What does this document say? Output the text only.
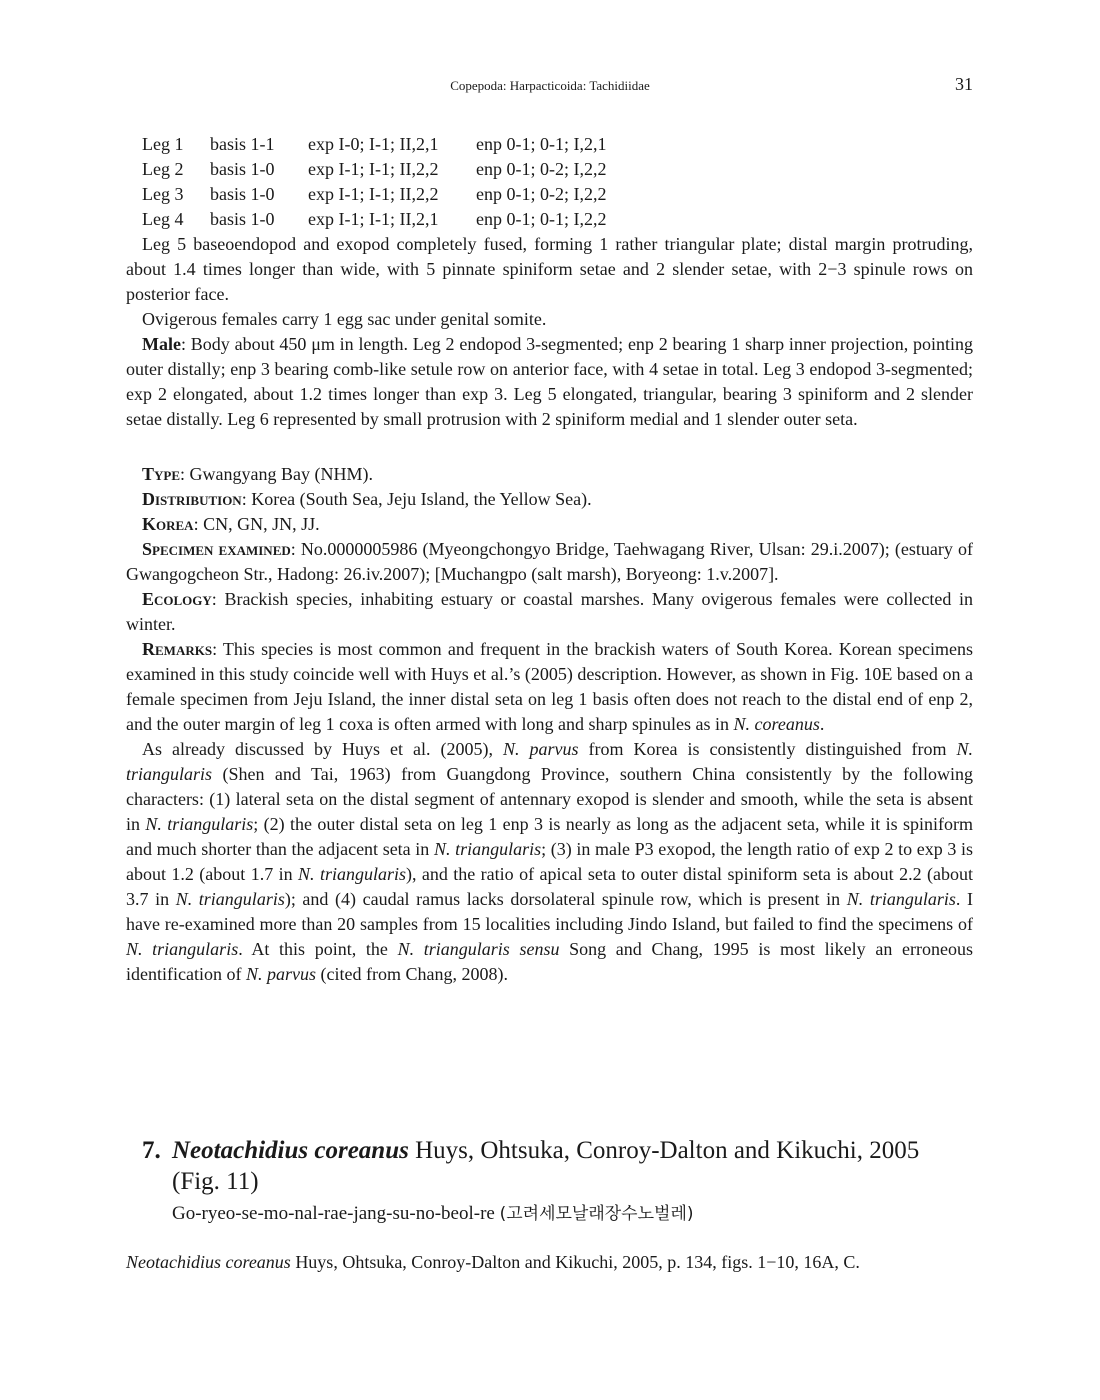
Copepoda: Harpacticoida: Tachidiidae	31
Leg 1	basis 1-1	exp I-0; I-1; II,2,1	enp 0-1; 0-1; I,2,1
Leg 2	basis 1-0	exp I-1; I-1; II,2,2	enp 0-1; 0-2; I,2,2
Leg 3	basis 1-0	exp I-1; I-1; II,2,2	enp 0-1; 0-2; I,2,2
Leg 4	basis 1-0	exp I-1; I-1; II,2,1	enp 0-1; 0-1; I,2,2

Leg 5 baseoendopod and exopod completely fused, forming 1 rather triangular plate; distal margin protruding, about 1.4 times longer than wide, with 5 pinnate spiniform setae and 2 slender setae, with 2−3 spinule rows on posterior face.

Ovigerous females carry 1 egg sac under genital somite.

Male: Body about 450 μm in length. Leg 2 endopod 3-segmented; enp 2 bearing 1 sharp inner projection, pointing outer distally; enp 3 bearing comb-like setule row on anterior face, with 4 setae in total. Leg 3 endopod 3-segmented; exp 2 elongated, about 1.2 times longer than exp 3. Leg 5 elongated, triangular, bearing 3 spiniform and 2 slender setae distally. Leg 6 represented by small protrusion with 2 spiniform medial and 1 slender outer seta.

Type: Gwangyang Bay (NHM).

Distribution: Korea (South Sea, Jeju Island, the Yellow Sea).

Korea: CN, GN, JN, JJ.

Specimen examined: No.0000005986 (Myeongchongyo Bridge, Taehwagang River, Ulsan: 29.i.2007); (estuary of Gwangogcheon Str., Hadong: 26.iv.2007); [Muchangpo (salt marsh), Boryeong: 1.v.2007].

Ecology: Brackish species, inhabiting estuary or coastal marshes. Many ovigerous females were collected in winter.

Remarks: This species is most common and frequent in the brackish waters of South Korea. Korean specimens examined in this study coincide well with Huys et al.’s (2005) description. However, as shown in Fig. 10E based on a female specimen from Jeju Island, the inner distal seta on leg 1 basis often does not reach to the distal end of enp 2, and the outer margin of leg 1 coxa is often armed with long and sharp spinules as in N. coreanus.

As already discussed by Huys et al. (2005), N. parvus from Korea is consistently distinguished from N. triangularis (Shen and Tai, 1963) from Guangdong Province, southern China consistently by the following characters: (1) lateral seta on the distal segment of antennary exopod is slender and smooth, while the seta is absent in N. triangularis; (2) the outer distal seta on leg 1 enp 3 is nearly as long as the adjacent seta, while it is spiniform and much shorter than the adjacent seta in N. triangularis; (3) in male P3 exopod, the length ratio of exp 2 to exp 3 is about 1.2 (about 1.7 in N. triangularis), and the ratio of apical seta to outer distal spiniform seta is about 2.2 (about 3.7 in N. triangularis); and (4) caudal ramus lacks dorsolateral spinule row, which is present in N. triangularis. I have re-examined more than 20 samples from 15 localities including Jindo Island, but failed to find the specimens of N. triangularis. At this point, the N. triangularis sensu Song and Chang, 1995 is most likely an erroneous identification of N. parvus (cited from Chang, 2008).

7. Neotachidius coreanus Huys, Ohtsuka, Conroy-Dalton and Kikuchi, 2005 (Fig. 11)
Go-ryeo-se-mo-nal-rae-jang-su-no-beol-re (고려세모날래장수노벌레)
Neotachidius coreanus Huys, Ohtsuka, Conroy-Dalton and Kikuchi, 2005, p. 134, figs. 1−10, 16A, C.
